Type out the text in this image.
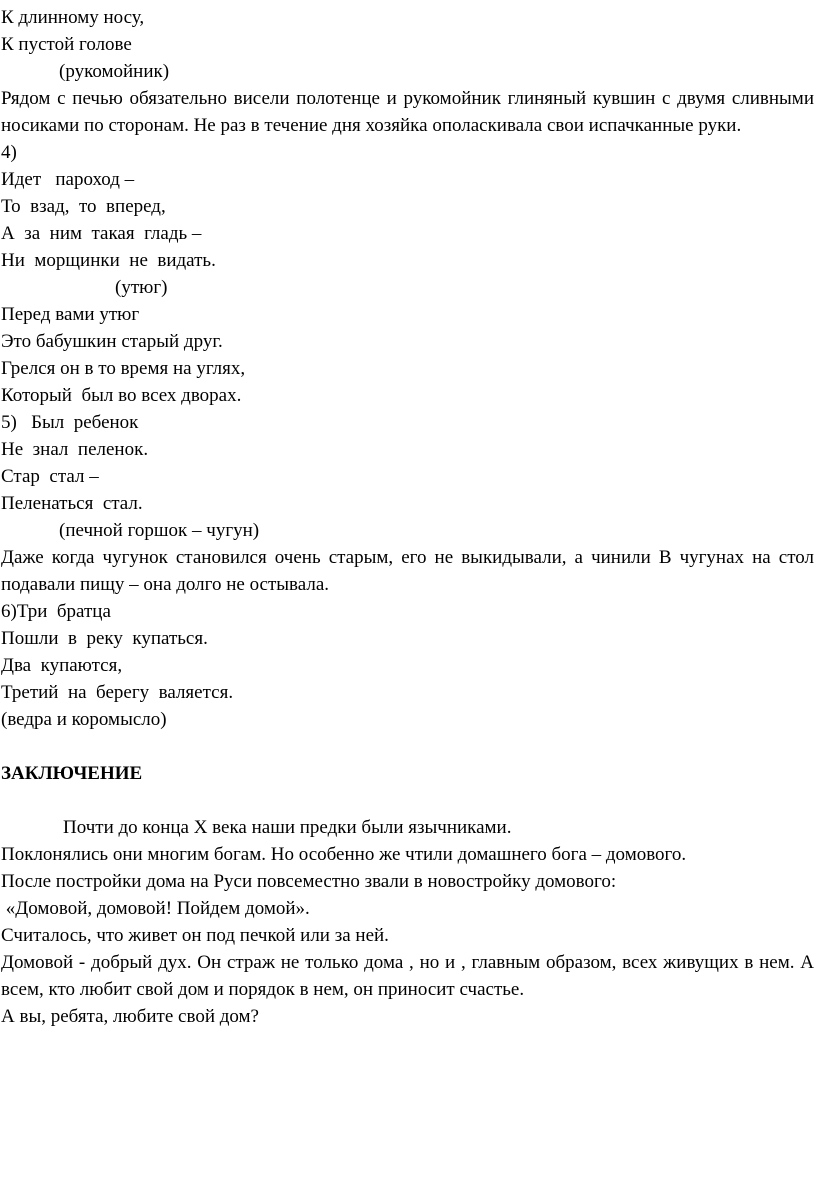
К длинному носу,
К пустой голове
(рукомойник)

Рядом с печью обязательно висели полотенце и рукомойник глиняный кувшин с двумя сливными носиками по сторонам. Не раз в течение дня хозяйка ополаскивала свои испачканные руки.

4)
Идет   пароход –
То  взад,  то  вперед,
А  за  ним  такая  гладь –
Ни  морщинки  не  видать.
(утюг)
Перед вами утюг
Это бабушкин старый друг.
Грелся он в то время на углях,
Который  был во всех дворах.
5)   Был  ребенок
Не  знал  пеленок.
Стар  стал –
Пеленаться  стал.
(печной горшок – чугун)

Даже когда чугунок становился очень старым, его не выкидывали, а чинили В чугунах на стол подавали пищу – она долго не остывала.

6)Три  братца
Пошли  в  реку  купаться.
Два  купаются,
Третий  на  берегу  валяется.
(ведра и коромысло)
ЗАКЛЮЧЕНИЕ

Почти до конца Х века наши предки были язычниками.

Поклонялись они многим богам. Но особенно же чтили домашнего бога – домового.

После постройки дома на Руси повсеместно звали в новостройку домового:

«Домовой, домовой! Пойдем домой».

Считалось, что живет он под печкой или за ней.

Домовой - добрый дух. Он страж не только дома , но и , главным образом, всех живущих в нем. А всем, кто любит свой дом и порядок в нем, он приносит счастье.

А вы, ребята, любите свой дом?
